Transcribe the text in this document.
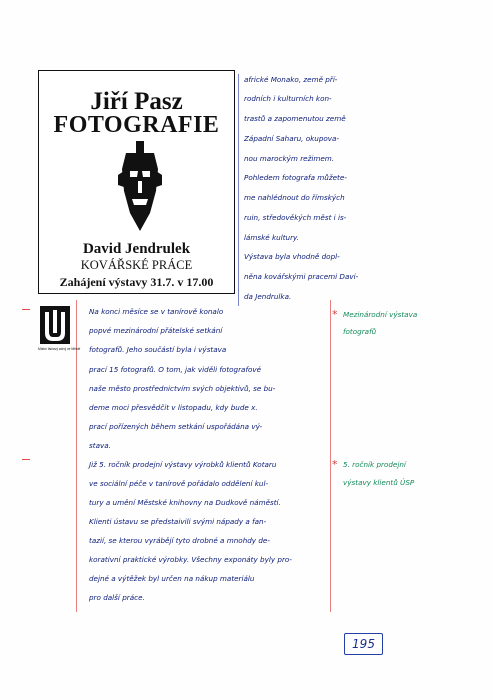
Jiří Pasz
FOTOGRAFIE
David Jendrulek
KOVÁŘSKÉ PRÁCE
Zahájení výstavy 31.7. v 17.00
africké Monako, země pří-
rodních i kulturních kon-
trastů a zapomenutou země
Západní Saharu, okupova-
nou marockým režimem.
Pohledem fotografa můžete-
me nahlédnout do římských
ruin, středověkých měst i is-
lámské kultury.
Výstava byla vhodně dopl-
něna kovářskými pracemi Davi-
da Jendrulka.
Místní tiskový zdroj ve Městě
Na konci měsíce se v tanírově konalo
popvé mezinárodní přátelské setkání
fotografů. Jeho součástí byla i výstava
prací 15 fotografů. O tom, jak viděli fotografové
naše město prostřednictvím svých objektivů, se bu-
deme moci přesvědčit v listopadu, kdy bude x.
prací pořízených během setkání uspořádána vý-
stava.
* Mezinárodní výstava
fotografů
Již 5. ročník prodejní výstavy výrobků klientů Kotaru
ve sociální péče v tanírově pořádalo oddělení kul-
tury a umění Městské knihovny na Dudkově náměstí.
Klienti ústavu se předstaivili svými nápady a fan-
tazií, se kterou vyrábějí tyto drobné a mnohdy de-
korativní praktické výrobky. Všechny exponáty byly pro-
dejné a výtěžek byl určen na nákup materiálu
pro další práce.
* 5. ročník prodejní
výstavy klientů ÚSP
195
